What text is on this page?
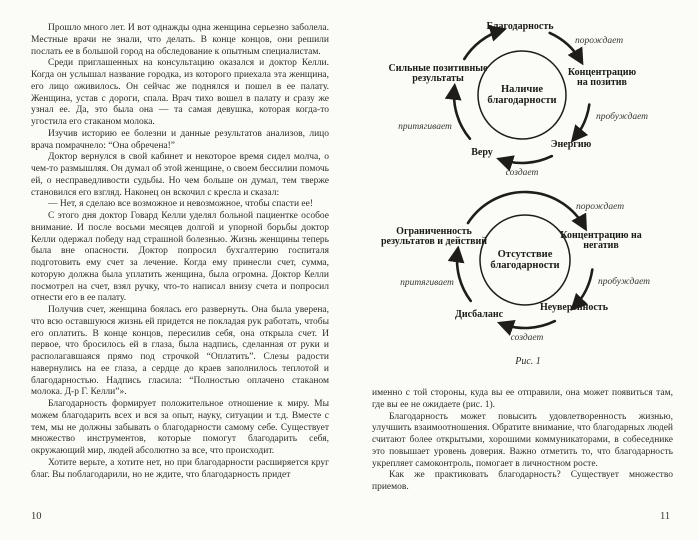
Прошло много лет. И вот однажды одна женщина серьезно заболела. Местные врачи не знали, что делать. В конце концов, они решили послать ее в большой город на обследование к опытным специалистам.

Среди приглашенных на консультацию оказался и доктор Келли. Когда он услышал название городка, из которого приехала эта женщина, его лицо оживилось. Он сейчас же поднялся и пошел в ее палату. Женщина, устав с дороги, спала. Врач тихо вошел в палату и сразу же узнал ее. Да, это была она — та самая девушка, которая когда-то угостила его стаканом молока.

Изучив историю ее болезни и данные результатов анализов, лицо врача помрачнело: “Она обречена!”

Доктор вернулся в свой кабинет и некоторое время сидел молча, о чем-то размышляя. Он думал об этой женщине, о своем бессилии помочь ей, о несправедливости судьбы. Но чем больше он думал, тем тверже становился его взгляд. Наконец он вскочил с кресла и сказал:

— Нет, я сделаю все возможное и невозможное, чтобы спасти ее!

С этого дня доктор Говард Келли уделял больной пациентке особое внимание. И после восьми месяцев долгой и упорной борьбы доктор Келли одержал победу над страшной болезнью. Жизнь женщины теперь была вне опасности. Доктор попросил бухгалтерию госпиталя подготовить ему счет за лечение. Когда ему принесли счет, сумма, которую должна была уплатить женщина, была огромна. Доктор Келли посмотрел на счет, взял ручку, что-то написал внизу счета и попросил отнести его в ее палату.

Получив счет, женщина боялась его развернуть. Она была уверена, что всю оставшуюся жизнь ей придется не покладая рук работать, чтобы его оплатить. В конце концов, пересилив себя, она открыла счет. И первое, что бросилось ей в глаза, была надпись, сделанная от руки и располагавшаяся прямо под строчкой “Оплатить”. Слезы радости навернулись на ее глаза, а сердце до краев заполнилось теплотой и благодарностью. Надпись гласила: “Полностью оплачено стаканом молока. Д-р Г. Келли”».

Благодарность формирует положительное отношение к миру. Мы можем благодарить всех и вся за опыт, науку, ситуации и т.д. Вместе с тем, мы не должны забывать о благодарности самому себе. Существует множество инструментов, которые помогут благодарить себя, окружающий мир, людей абсолютно за все, что происходит.

Хотите верьте, а хотите нет, но при благодарности расширяется круг благ. Вы поблагодарили, но не ждите, что благодарность придет

10
Наличие благодарности
Благодарность
Концентрацию на позитив
Энергию
Веру
Сильные позитивные результаты
порождает
пробуждает
создает
притягивает
Отсутствие благодарности
Концентрацию на негатив
Неуверенность
Дисбаланс
Ограниченность результатов и действий
порождает
пробуждает
создает
притягивает
Рис. 1

именно с той стороны, куда вы ее отправили, она может появиться там, где вы ее не ожидаете (рис. 1).

Благодарность может повысить удовлетворенность жизнью, улучшить взаимоотношения. Обратите внимание, что благодарных людей считают более открытыми, хорошими коммуникаторами, в собеседнике это повышает уровень доверия. Важно отметить то, что благодарность укрепляет самоконтроль, помогает в личностном росте.

Как же практиковать благодарность? Существует множество приемов.

11
